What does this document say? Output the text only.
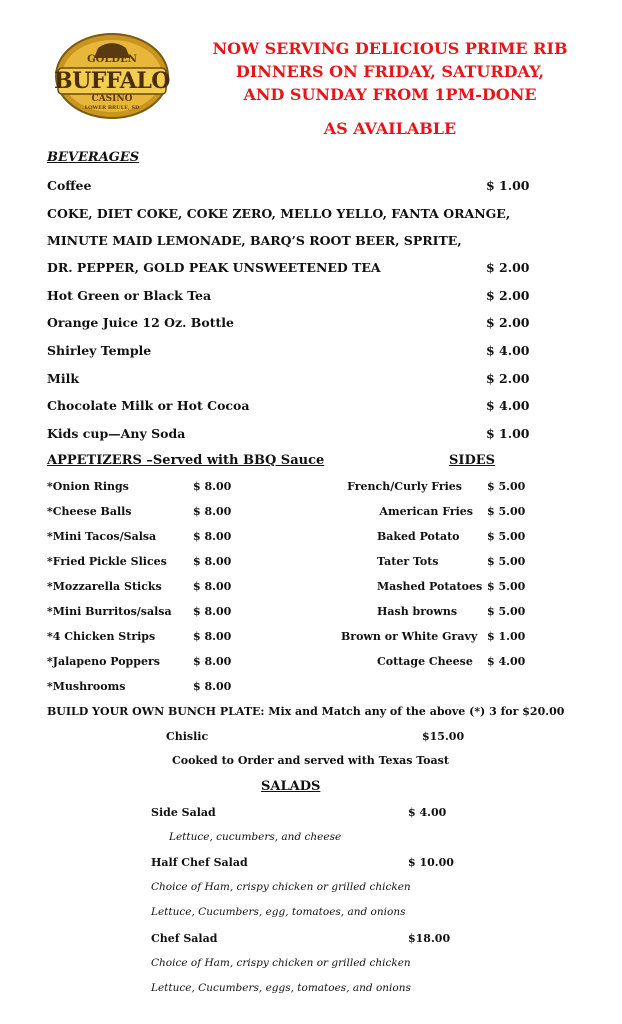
GOLDEN
BUFFALO
CASINO
LOWER BRULE, SD
NOW SERVING DELICIOUS PRIME RIB
DINNERS ON FRIDAY, SATURDAY,
AND SUNDAY FROM 1PM-DONE
AS AVAILABLE
BEVERAGES
Coffee	$ 1.00
COKE, DIET COKE, COKE ZERO, MELLO YELLO, FANTA ORANGE,
MINUTE MAID LEMONADE, BARQ’S ROOT BEER, SPRITE,
DR. PEPPER, GOLD PEAK UNSWEETENED TEA	$ 2.00
Hot Green or Black Tea	$ 2.00
Orange Juice 12 Oz. Bottle	$ 2.00
Shirley Temple	$ 4.00
Milk	$ 2.00
Chocolate Milk or Hot Cocoa	$ 4.00
Kids cup—Any Soda	$ 1.00
APPETIZERS –Served with BBQ Sauce	SIDES
*Onion Rings	$ 8.00
*Cheese Balls	$ 8.00
*Mini Tacos/Salsa	$ 8.00
*Fried Pickle Slices $ 8.00
*Mozzarella Sticks	$ 8.00
*Mini Burritos/salsa $ 8.00
*4 Chicken Strips	$ 8.00
*Jalapeno Poppers	$ 8.00
*Mushrooms	$ 8.00
French/Curly Fries $ 5.00
American Fries $ 5.00
Baked Potato $ 5.00
Tater Tots	$ 5.00
Mashed Potatoes $ 5.00
Hash browns	$ 5.00
Brown or White Gravy $ 1.00
Cottage Cheese $ 4.00
BUILD YOUR OWN BUNCH PLATE: Mix and Match any of the above (*) 3 for $20.00
Chislic	$15.00
Cooked to Order and served with Texas Toast
SALADS
Side Salad	$ 4.00
Lettuce, cucumbers, and cheese
Half Chef Salad	$ 10.00
Choice of Ham, crispy chicken or grilled chicken
Lettuce, Cucumbers, egg, tomatoes, and onions
Chef Salad	$18.00
Choice of Ham, crispy chicken or grilled chicken
Lettuce, Cucumbers, eggs, tomatoes, and onions
